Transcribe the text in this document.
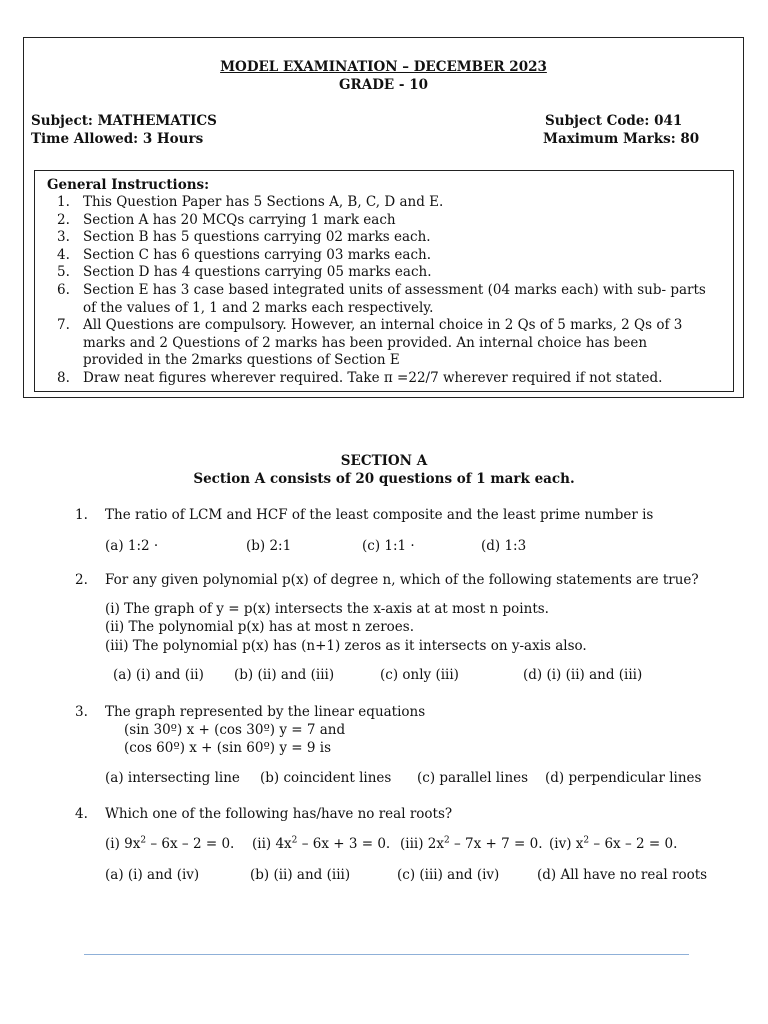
MODEL EXAMINATION – DECEMBER 2023
GRADE - 10
Subject: MATHEMATICS	Subject Code: 041
Time Allowed: 3 Hours	Maximum Marks: 80
General Instructions:
1. This Question Paper has 5 Sections A, B, C, D and E.
2. Section A has 20 MCQs carrying 1 mark each
3. Section B has 5 questions carrying 02 marks each.
4. Section C has 6 questions carrying 03 marks each.
5. Section D has 4 questions carrying 05 marks each.
6. Section E has 3 case based integrated units of assessment (04 marks each) with sub- parts
of the values of 1, 1 and 2 marks each respectively.
7. All Questions are compulsory. However, an internal choice in 2 Qs of 5 marks, 2 Qs of 3
marks and 2 Questions of 2 marks has been provided. An internal choice has been
provided in the 2marks questions of Section E
8. Draw neat figures wherever required. Take π =22/7 wherever required if not stated.
SECTION A
Section A consists of 20 questions of 1 mark each.
1. The ratio of LCM and HCF of the least composite and the least prime number is
(a) 1:2 ·	(b) 2:1	(c) 1:1 ·	(d) 1:3
2. For any given polynomial p(x) of degree n, which of the following statements are true?
(i) The graph of y = p(x) intersects the x-axis at at most n points.
(ii) The polynomial p(x) has at most n zeroes.
(iii) The polynomial p(x) has (n+1) zeros as it intersects on y-axis also.
(a) (i) and (ii) (b) (ii) and (iii)	(c) only (iii)	(d) (i) (ii) and (iii)
3. The graph represented by the linear equations
(sin 30º) x + (cos 30º) y = 7 and
(cos 60º) x + (sin 60º) y = 9 is
(a) intersecting line (b) coincident lines (c) parallel lines (d) perpendicular lines
4. Which one of the following has/have no real roots?
(i) $9x^2 - 6x - 2 = 0$. (ii) $4x^2 - 6x + 3 = 0$. (iii) $2x^2 - 7x + 7 = 0$. (iv) $x^2 - 6x - 2 = 0$.
(a) (i) and (iv)	(b) (ii) and (iii)	(c) (iii) and (iv)	(d) All have no real roots
